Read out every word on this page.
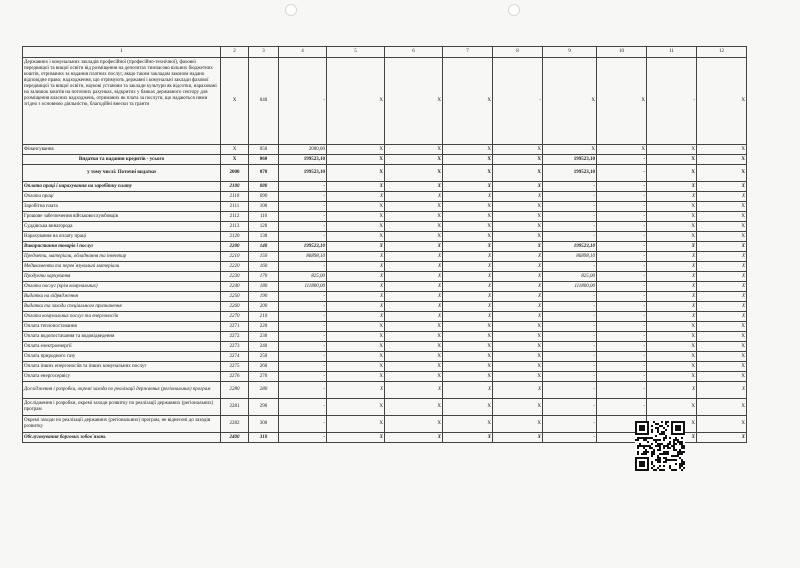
1	2	3	4	5	6	7	8	9	10	11	12
Державних і комунальних закладів професійної (професійно-технічної), фахової передвищої та вищої освіти від розміщення на депозитах тимчасово вільних бюджетних коштів, отриманих за надання платних послуг, якщо таким закладам законом надано відповідне право; надходження, що отримують державні і комунальні заклади фахової передвищої та вищої освіти, наукові установи та заклади культури як відсотки, нараховані на залишок коштів на поточних рахунках, відкритих у банках державного сектору для розміщення власних надходжень, отриманих як плата за послуги, що надаються ними згідно з основною діяльністю, благодійні внески та гранти	X	040	-	X	X	X	-	X	X	-	X
Фінансування	X	050	2000,00	X	X	X	X	X	X	X	X
Видатки та надання кредитів - усього	X	060	199523,10	X	X	X	X	199523,10	-	X	X
у тому числі: Поточні видатки	2000	070	199523,10	X	X	X	X	199523,10	-	X	X
Оплата праці і нарахування на заробітну плату	2100	080	-	X	X	X	X	-	-	X	X
Оплата праці	2110	090	-	X	X	X	X	-	-	X	X
Заробітна плата	2111	100	-	X	X	X	X	-	-	X	X
Грошове забезпечення військовослужбовців	2112	110	-	X	X	X	X	-	-	X	X
Суддівська винагорода	2113	120	-	X	X	X	X	-	-	X	X
Нарахування на оплату праці	2120	130	-	X	X	X	X	-	-	X	X
Використання товарів і послуг	2200	140	199523,10	X	X	X	X	199523,10	-	X	X
Предмети, матеріали, обладнання та інвентар	2210	150	86898,10	X	X	X	X	86898,10	-	X	X
Медикаменти та перев`язувальні матеріали	2220	160	-	X	X	X	X	-	-	X	X
Продукти харчування	2230	170	825,00	X	X	X	X	825,00	-	X	X
Оплата послуг (крім комунальних)	2240	180	111800,00	X	X	X	X	111800,00	-	X	X
Видатки на відрядження	2250	190	-	X	X	X	X	-	-	X	X
Видатки та заходи спеціального призначення	2260	200	-	X	X	X	X	-	-	X	X
Оплата комунальних послуг та енергоносіїв	2270	210	-	X	X	X	X	-	-	X	X
Оплата теплопостачання	2271	220	-	X	X	X	X	-	-	X	X
Оплата водопостачання та водовідведення	2272	230	-	X	X	X	X	-	-	X	X
Оплата електроенергії	2273	240	-	X	X	X	X	-	-	X	X
Оплата природного газу	2274	250	-	X	X	X	X	-	-	X	X
Оплата інших енергоносіїв та інших комунальних послуг	2275	260	-	X	X	X	X	-	-	X	X
Оплата енергосервісу	2276	270	-	X	X	X	X	-	-	X	X
Дослідження і розробки, окремі заходи по реалізації державних (регіональних) програм	2280	280	-	X	X	X	X	-	-	X	X
Дослідження і розробки, окремі заходи розвитку по реалізації державних (регіональних) програм	2281	290	-	X	X	X	X	-	-	X	X
Окремі заходи по реалізації державних (регіональних) програм, не віднесені до заходів розвитку	2282	300	-	X	X	X	X	-		X	X
Обслуговування боргових зобов`язань	2400	310	-	X	X	X	X	-		X	X
